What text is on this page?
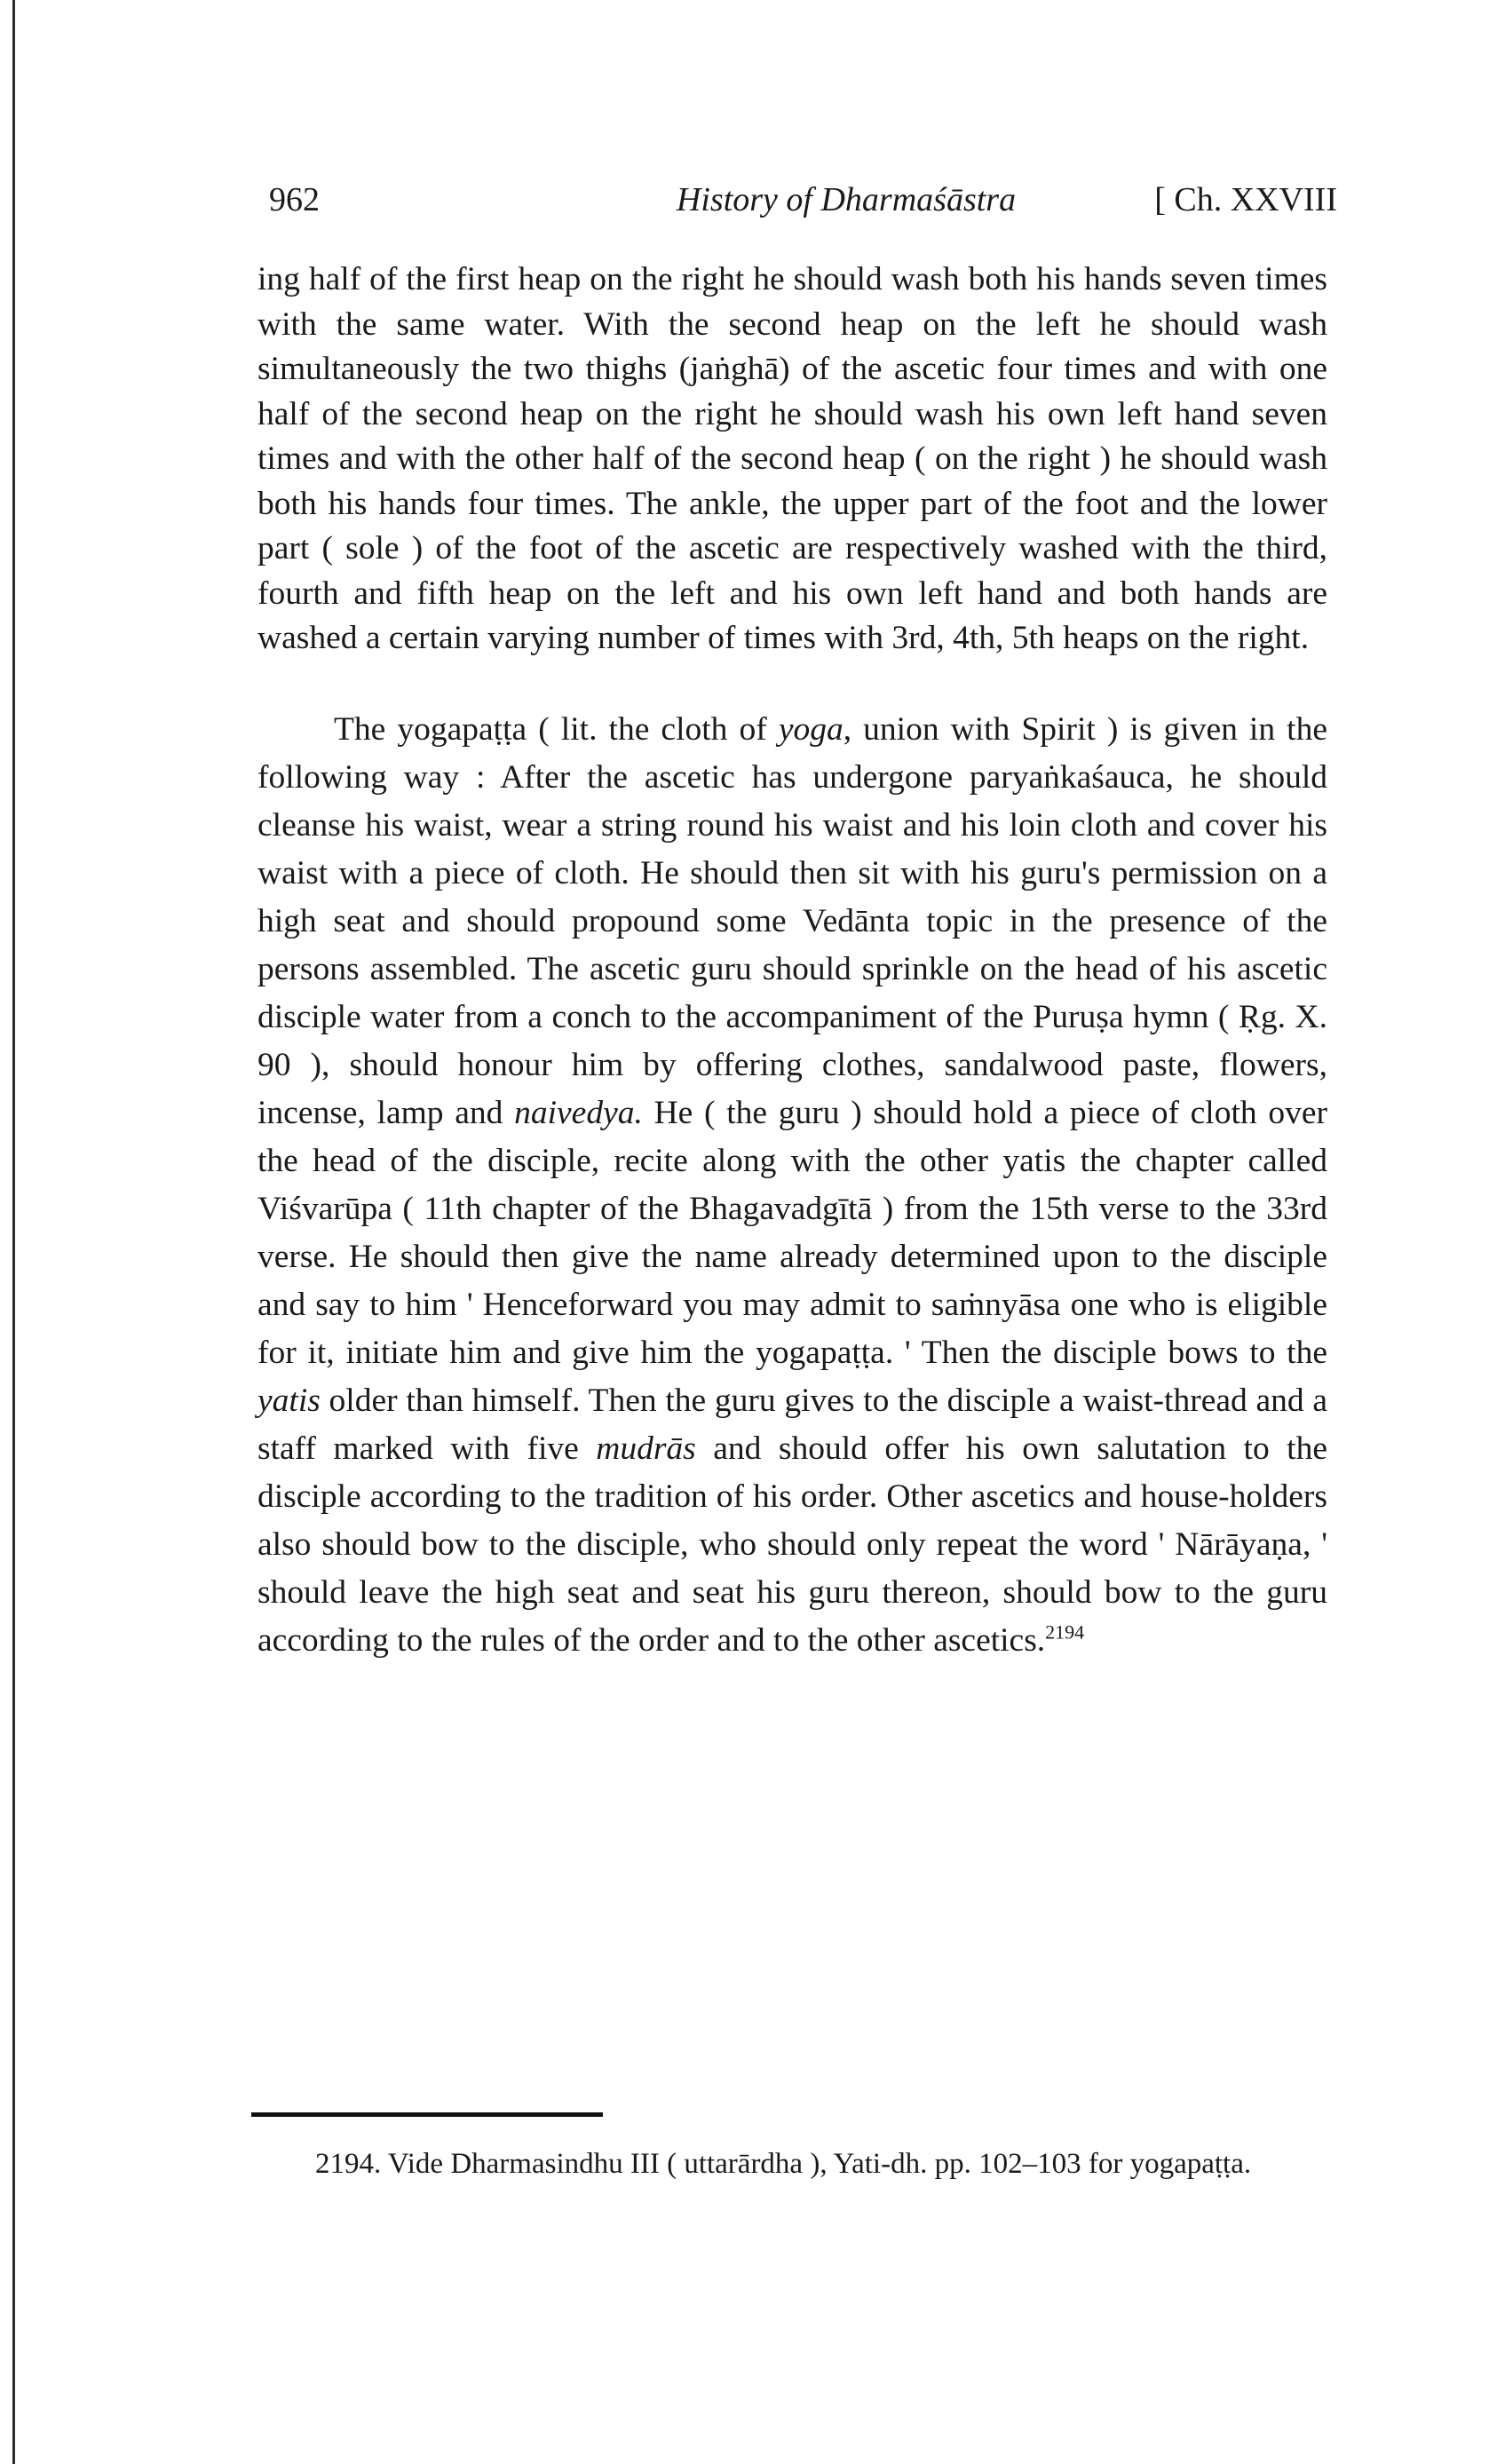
962	History of Dharmaśāstra	[ Ch. XXVIII

ing half of the first heap on the right he should wash both his hands seven times with the same water. With the second heap on the left he should wash simultaneously the two thighs (jaṅghā) of the ascetic four times and with one half of the second heap on the right he should wash his own left hand seven times and with the other half of the second heap ( on the right ) he should wash both his hands four times. The ankle, the upper part of the foot and the lower part ( sole ) of the foot of the ascetic are respectively washed with the third, fourth and fifth heap on the left and his own left hand and both hands are washed a certain varying number of times with 3rd, 4th, 5th heaps on the right.

The yogapaṭṭa ( lit. the cloth of yoga, union with Spirit ) is given in the following way : After the ascetic has undergone paryaṅkaśauca, he should cleanse his waist, wear a string round his waist and his loin cloth and cover his waist with a piece of cloth. He should then sit with his guru's permission on a high seat and should propound some Vedānta topic in the presence of the persons assembled. The ascetic guru should sprinkle on the head of his ascetic disciple water from a conch to the accompaniment of the Puruṣa hymn ( Ṛg. X. 90 ), should honour him by offering clothes, sandalwood paste, flowers, incense, lamp and naivedya. He ( the guru ) should hold a piece of cloth over the head of the disciple, recite along with the other yatis the chapter called Viśvarūpa ( 11th chapter of the Bhagavadgītā ) from the 15th verse to the 33rd verse. He should then give the name already determined upon to the disciple and say to him ' Henceforward you may admit to saṁnyāsa one who is eligible for it, initiate him and give him the yogapaṭṭa. ' Then the disciple bows to the yatis older than himself. Then the guru gives to the disciple a waist-thread and a staff marked with five mudrās and should offer his own salutation to the disciple according to the tradition of his order. Other ascetics and house-holders also should bow to the disciple, who should only repeat the word ' Nārāyaṇa, ' should leave the high seat and seat his guru thereon, should bow to the guru according to the rules of the order and to the other ascetics.$^{2194}$

2194. Vide Dharmasindhu III ( uttarārdha ), Yati-dh. pp. 102–103 for yogapaṭṭa.
